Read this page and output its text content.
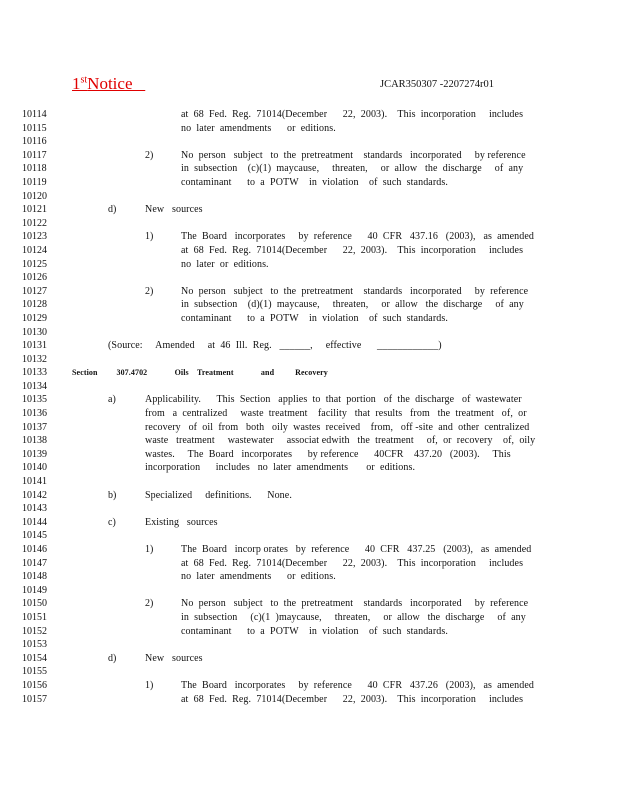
1stNotice	JCAR350307 -2207274r01
10114	at  68  Fed.  Reg.  71014(December      22,  2003).    This  incorporation     includes
10115	no  later  amendments      or  editions.
10116
10117	2)	No  person   subject   to  the  pretreatment    standards   incorporated     by reference
10118	in  subsection    (c)(1)  maycause,     threaten,     or  allow   the  discharge     of  any
10119	contaminant      to  a  POTW    in  violation    of  such  standards.
10120
10121	d)	New   sources
10122
10123	1)	The  Board   incorporates     by  reference      40  CFR   437.16   (2003),   as  amended
10124	at  68  Fed.  Reg.  71014(December      22,  2003).    This  incorporation     includes
10125	no  later  or  editions.
10126
10127	2)	No  person   subject   to  the  pretreatment    standards   incorporated     by  reference
10128	in  subsection    (d)(1)  maycause,     threaten,     or  allow   the  discharge     of  any
10129	contaminant      to  a  POTW    in  violation    of  such  standards.
10130
10131	(Source:     Amended     at  46  Ill.  Reg.   ______,     effective      ____________)
10132
10133	Section         307.4702             Oils    Treatment             and          Recovery
10134
10135	a)	Applicability.      This  Section   applies  to  that  portion   of  the  discharge   of  wastewater
10136	from   a  centralized     waste  treatment    facility   that  results   from   the  treatment   of,  or
10137	recovery   of  oil  from   both   oily  wastes  received    from,   off -site  and  other  centralized
10138	waste   treatment     wastewater     associat edwith   the  treatment     of,  or  recovery    of,  oily
10139	wastes.     The  Board   incorporates      by reference      40CFR    437.20   (2003).     This
10140	incorporation      includes   no  later  amendments       or  editions.
10141
10142	b)	Specialized     definitions.      None.
10143
10144	c)	Existing   sources
10145
10146	1)	The  Board   incorp orates   by  reference      40  CFR   437.25   (2003),   as  amended
10147	at  68  Fed.  Reg.  71014(December      22,  2003).    This  incorporation     includes
10148	no  later  amendments      or  editions.
10149
10150	2)	No  person   subject   to  the  pretreatment    standards   incorporated     by  reference
10151	in  subsection     (c)(1  )maycause,     threaten,     or  allow   the  discharge     of  any
10152	contaminant      to  a  POTW    in  violation    of  such  standards.
10153
10154	d)	New   sources
10155
10156	1)	The  Board   incorporates     by  reference      40  CFR   437.26   (2003),   as  amended
10157	at  68  Fed.  Reg.  71014(December      22,  2003).    This  incorporation     includes
